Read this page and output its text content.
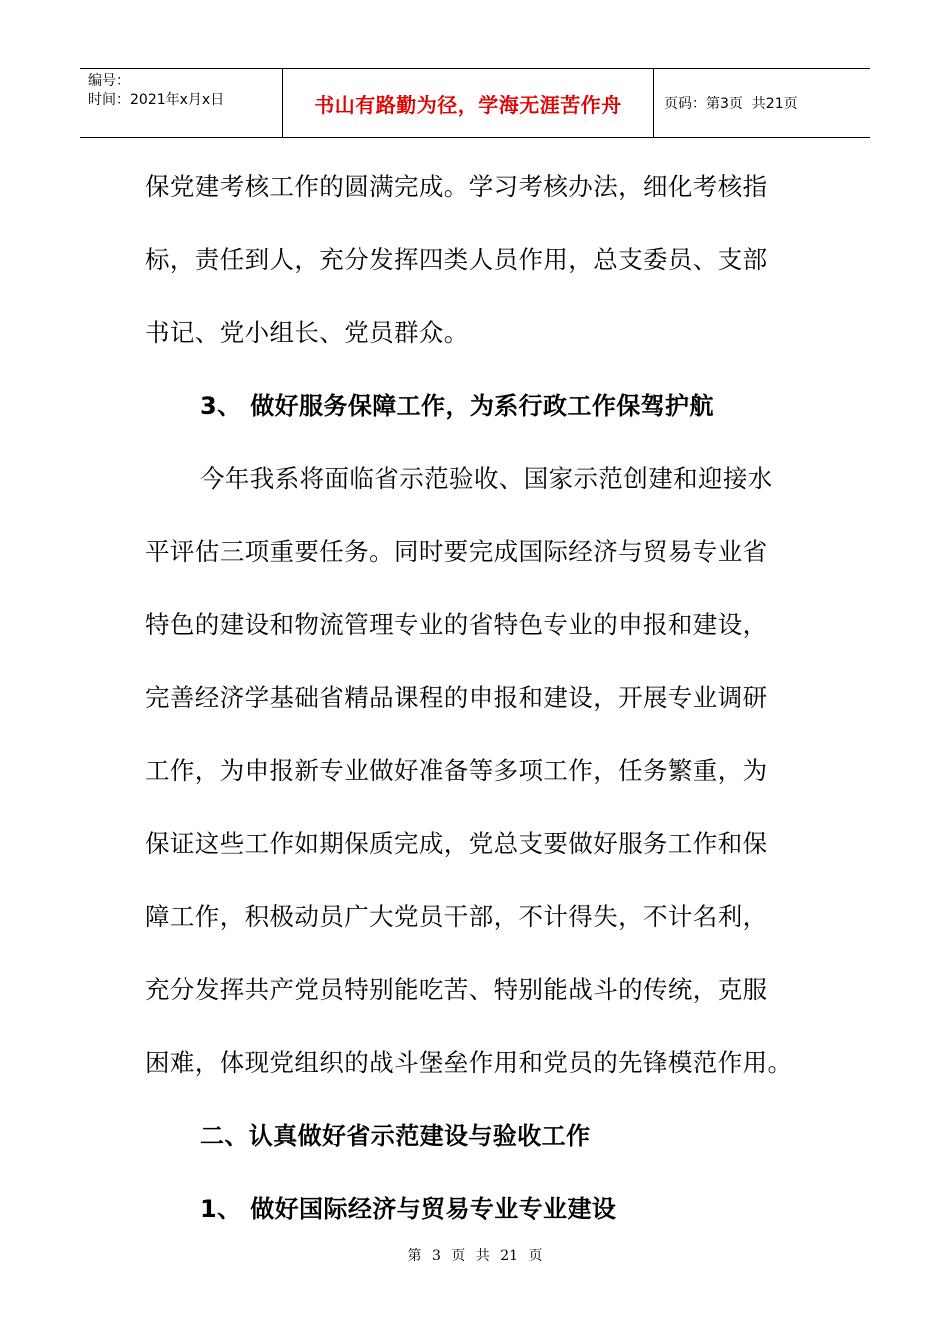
编号：
时间：2021年x月x日	书山有路勤为径，学海无涯苦作舟	页码：第3页  共21页
保党建考核工作的圆满完成。学习考核办法，细化考核指
标，责任到人，充分发挥四类人员作用，总支委员、支部
书记、党小组长、党员群众。
3、 做好服务保障工作，为系行政工作保驾护航
今年我系将面临省示范验收、国家示范创建和迎接水
平评估三项重要任务。同时要完成国际经济与贸易专业省
特色的建设和物流管理专业的省特色专业的申报和建设，
完善经济学基础省精品课程的申报和建设，开展专业调研
工作，为申报新专业做好准备等多项工作，任务繁重，为
保证这些工作如期保质完成，党总支要做好服务工作和保
障工作，积极动员广大党员干部，不计得失，不计名利，
充分发挥共产党员特别能吃苦、特别能战斗的传统，克服
困难，体现党组织的战斗堡垒作用和党员的先锋模范作用。
二、认真做好省示范建设与验收工作
1、 做好国际经济与贸易专业专业建设
第 3 页 共 21 页
